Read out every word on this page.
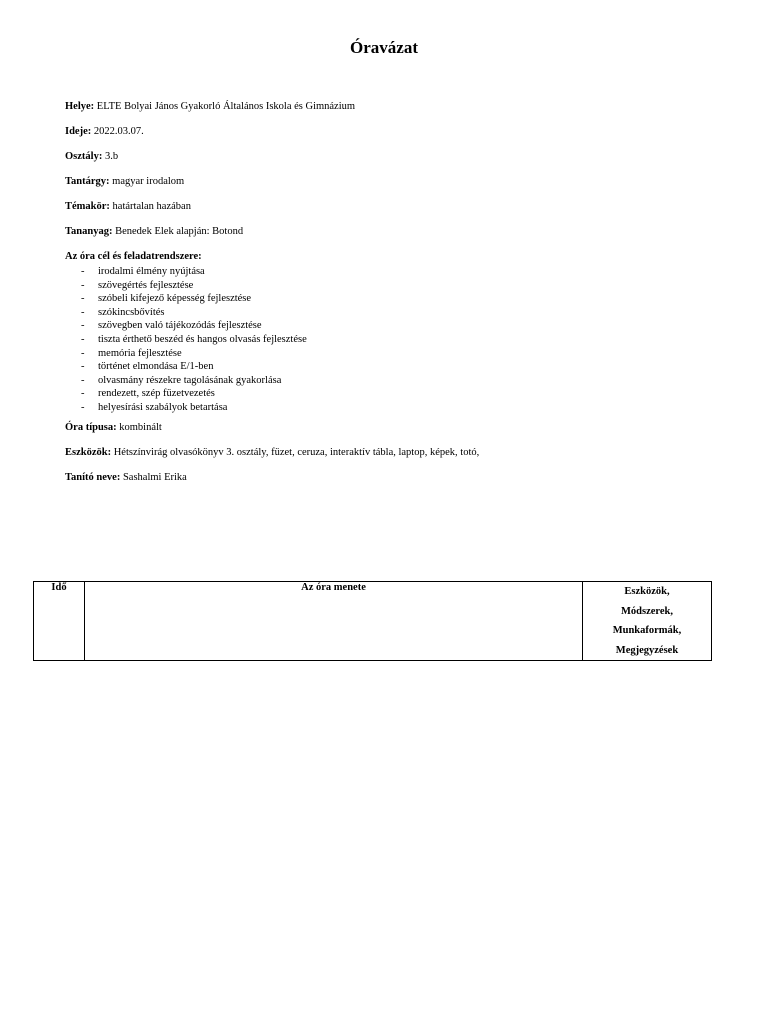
Óravázat

Helye: ELTE Bolyai János Gyakorló Általános Iskola és Gimnázium

Ideje: 2022.03.07.

Osztály: 3.b

Tantárgy: magyar irodalom

Témakör: határtalan hazában

Tananyag: Benedek Elek alapján: Botond

Az óra cél és feladatrendszere:

- irodalmi élmény nyújtása
- szövegértés fejlesztése
- szóbeli kifejező képesség fejlesztése
- szókincsbővítés
- szövegben való tájékozódás fejlesztése
- tiszta érthető beszéd és hangos olvasás fejlesztése
- memória fejlesztése
- történet elmondása E/1-ben
- olvasmány részekre tagolásának gyakorlása
- rendezett, szép füzetvezetés
- helyesírási szabályok betartása

Óra típusa: kombinált

Eszközök: Hétszínvirág olvasókönyv 3. osztály, füzet, ceruza, interaktív tábla, laptop, képek, totó,

Tanító neve: Sashalmi Erika

Idő	Az óra menete	Eszközök,
Módszerek,
Munkaformák,
Megjegyzések
